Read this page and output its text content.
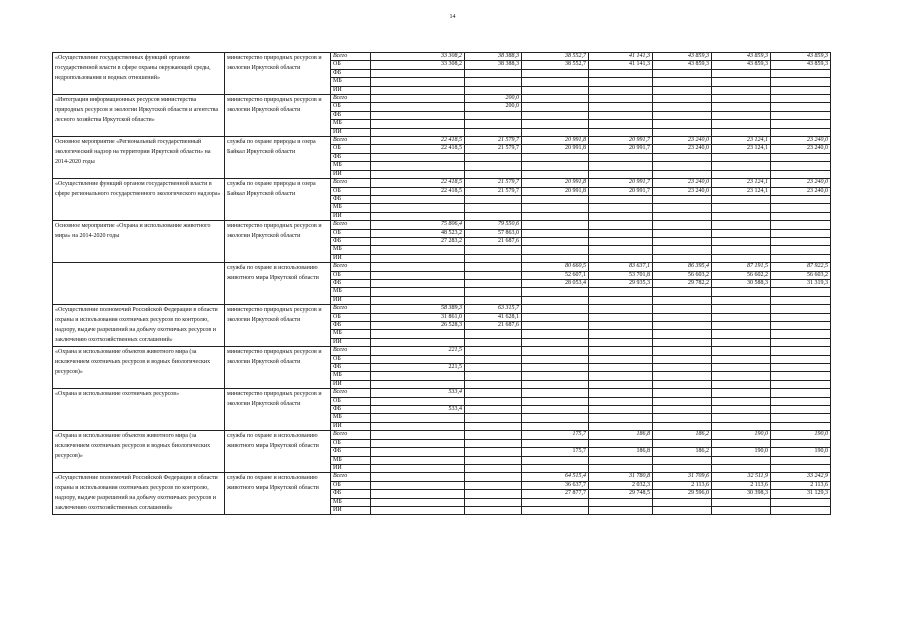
14
«Осуществление государственных функций органом государственной власти в сфере охраны окружающей среды, недропользования и водных отношений»	министерство природных ресурсов и экологии Иркутской области	Всего	33 308,2	38 388,3	38 552,7	41 141,3	43 859,3	43 859,3	43 859,3
		ОБ	33 308,2	38 388,3	38 552,7	41 141,3	43 859,3	43 859,3	43 859,3
		ФБ							
		МБ							
		ИИ							
«Интеграция информационных ресурсов министерства природных ресурсов и экологии Иркутской области и агентства лесного хозяйства Иркутской области»	министерство природных ресурсов и экологии Иркутской области	Всего		200,0					
		ОБ		200,0					
		ФБ							
		МБ							
		ИИ							
Основное мероприятие «Региональный государственный экологический надзор на территории Иркутской области» на 2014-2020 годы	служба по охране природы и озера Байкал Иркутской области	Всего	22 418,5	21 579,7	20 991,8	20 991,7	23 240,0	23 124,1	23 240,0
		ОБ	22 418,5	21 579,7	20 991,8	20 991,7	23 240,0	23 124,1	23 240,0
		ФБ							
		МБ							
		ИИ							
«Осуществление функций органом государственной власти в сфере регионального государственного экологического надзора»	служба по охране природы и озера Байкал Иркутской области	Всего	22 418,5	21 579,7	20 991,8	20 991,7	23 240,0	23 124,1	23 240,0
		ОБ	22 418,5	21 579,7	20 991,8	20 991,7	23 240,0	23 124,1	23 240,0
		ФБ							
		МБ							
		ИИ							
Основное мероприятие «Охрана и использование животного мира» на 2014-2020 годы	министерство природных ресурсов и экологии Иркутской области	Всего	75 806,4	79 550,6					
		ОБ	48 523,2	57 863,0					
		ФБ	27 283,2	21 687,6					
		МБ							
		ИИ							
	служба по охране и использованию животного мира Иркутской области	Всего			80 660,5	83 637,1	86 395,4	87 191,5	87 922,5
		ОБ			52 607,1	53 701,8	56 603,2	56 602,2	56 603,2
		ФБ			28 053,4	29 935,3	29 782,2	30 588,3	31 319,3
		МБ							
		ИИ							
«Осуществление полномочий Российской Федерации в области охраны и использования охотничьих ресурсов по контролю, надзору, выдаче разрешений на добычу охотничьих ресурсов и заключению охотхозяйственных соглашений»	министерство природных ресурсов и экологии Иркутской области	Всего	58 389,3	63 315,7					
		ОБ	31 861,0	41 628,1					
		ФБ	26 528,3	21 687,6					
		МБ							
		ИИ							
«Охрана и использование объектов животного мира (за исключением охотничьих ресурсов и водных биологических ресурсов)»	министерство природных ресурсов и экологии Иркутской области	Всего	221,5						
		ОБ							
		ФБ	221,5						
		МБ							
		ИИ							
«Охрана и использование охотничьих ресурсов»	министерство природных ресурсов и экологии Иркутской области	Всего	533,4						
		ОБ							
		ФБ	533,4						
		МБ							
		ИИ							
«Охрана и использование объектов животного мира (за исключением охотничьих ресурсов и водных биологических ресурсов)»	служба по охране и использованию животного мира Иркутской области	Всего			175,7	186,8	186,2	190,0	190,0
		ОБ							
		ФБ			175,7	186,8	186,2	190,0	190,0
		МБ							
		ИИ							
«Осуществление полномочий Российской Федерации в области охраны и использования охотничьих ресурсов по контролю, надзору, выдаче разрешений на добычу охотничьих ресурсов и заключению охотхозяйственных соглашений»	служба по охране и использованию животного мира Иркутской области	Всего			64 515,4	31 780,8	31 709,6	32 511,9	33 242,9
		ОБ			36 637,7	2 032,3	2 113,6	2 113,6	2 113,6
		ФБ			27 877,7	29 748,5	29 596,0	30 398,3	31 129,3
		МБ							
		ИИ							
